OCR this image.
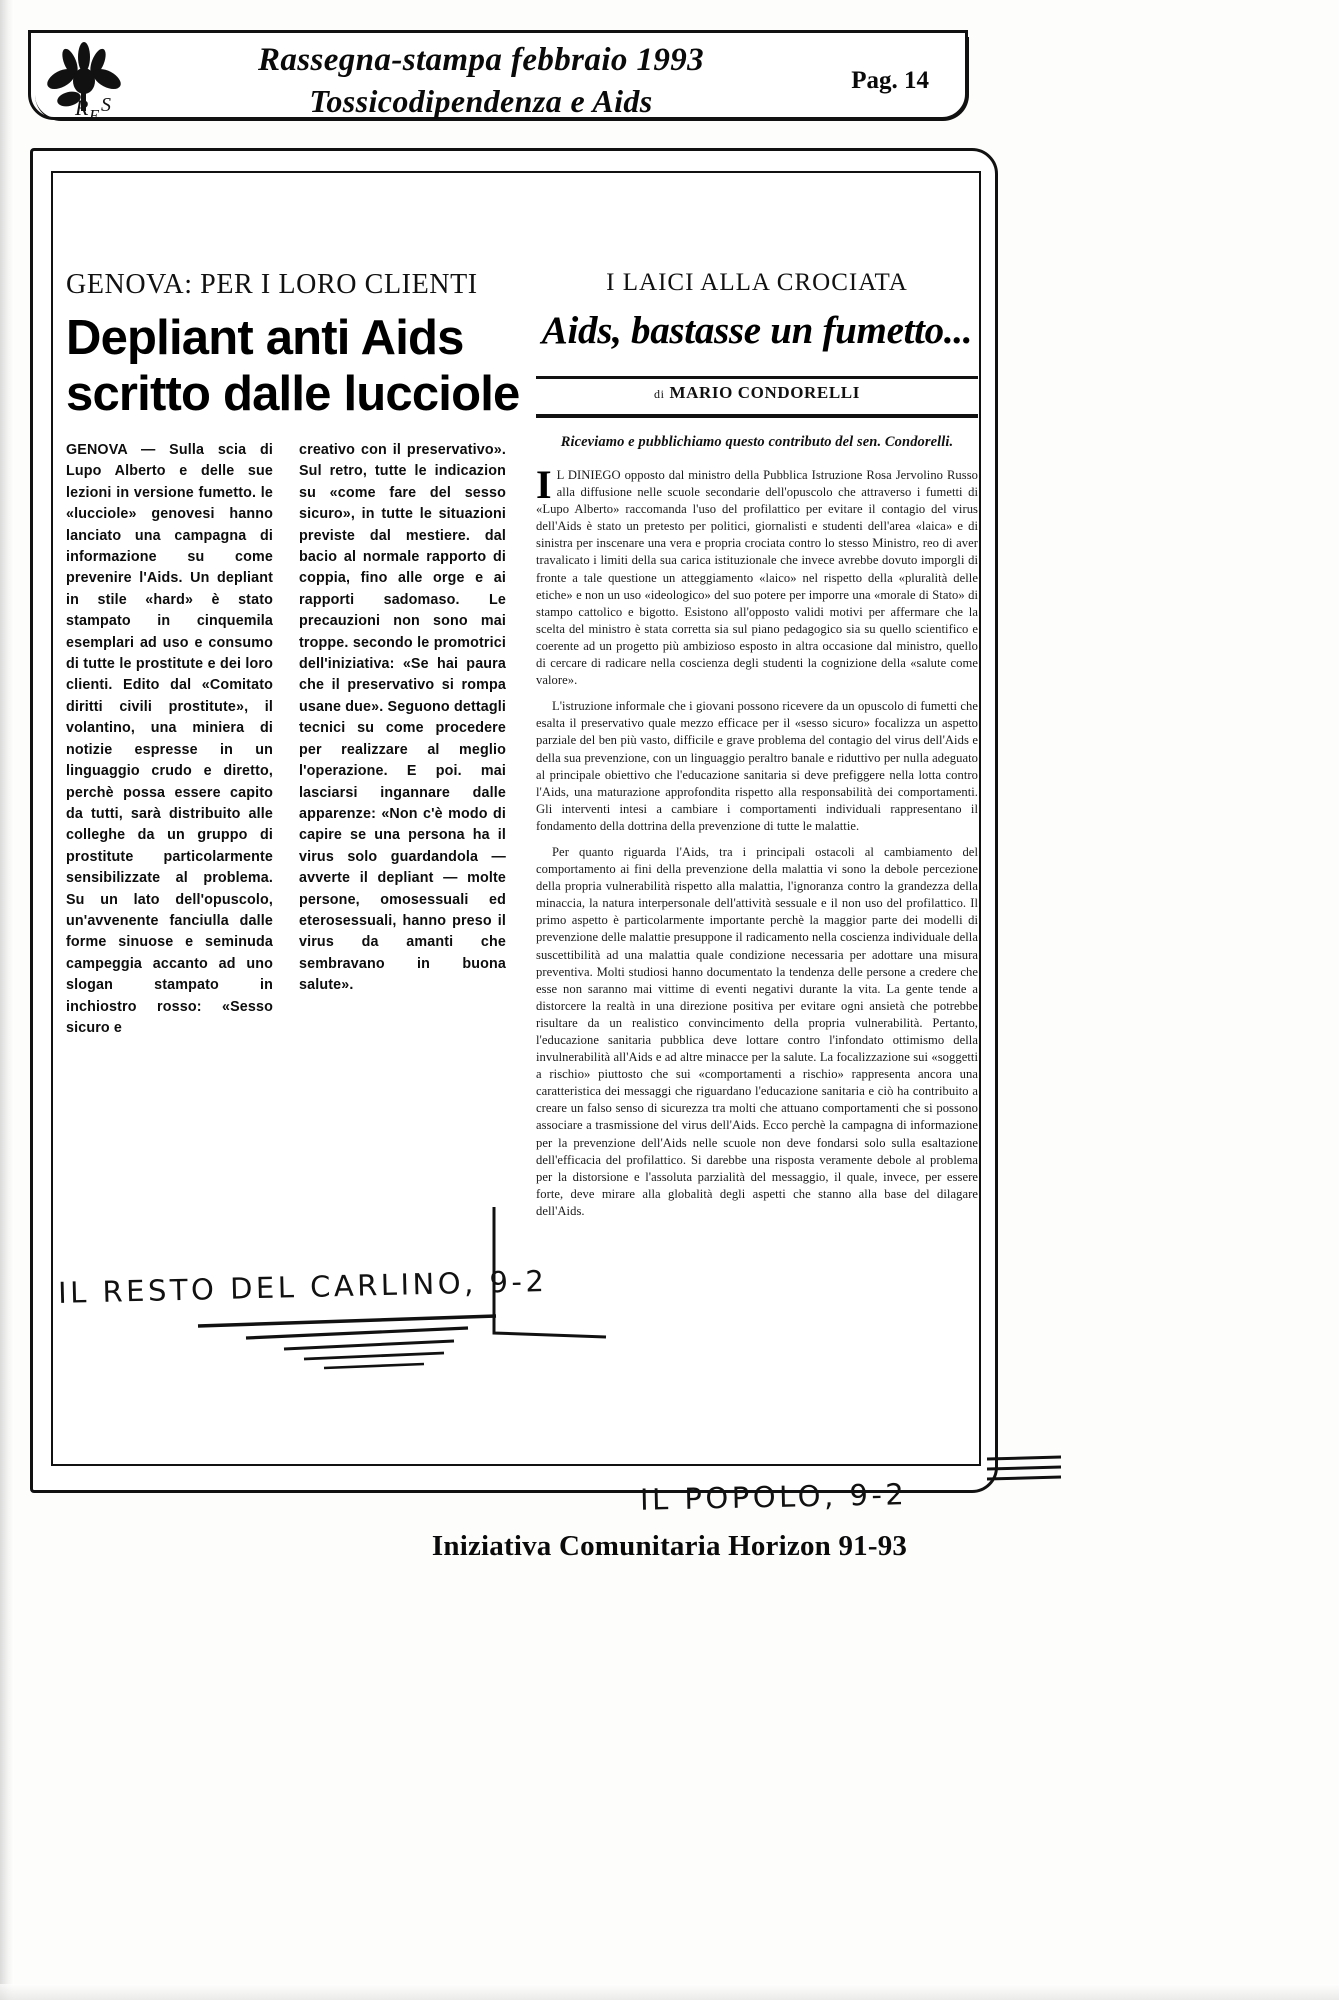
R E S
Rassegna-stampa febbraio 1993
Tossicodipendenza e Aids
Pag. 14
GENOVA: PER I LORO CLIENTI
Depliant anti Aids
scritto dalle lucciole

GENOVA — Sulla scia di Lupo Alberto e delle sue lezioni in versione fumetto. le «lucciole» genovesi hanno lanciato una campagna di informazione su come prevenire l'Aids. Un depliant in stile «hard» è stato stampato in cinquemila esemplari ad uso e consumo di tutte le prostitute e dei loro clienti. Edito dal «Comitato diritti civili prostitute», il volantino, una miniera di notizie espresse in un linguaggio crudo e diretto, perchè possa essere capito da tutti, sarà distribuito alle colleghe da un gruppo di prostitute particolarmente sensibilizzate al problema. Su un lato dell'opuscolo, un'avvenente fanciulla dalle forme sinuose e seminuda campeggia accanto ad uno slogan stampato in inchiostro rosso: «Sesso sicuro e

creativo con il preservativo». Sul retro, tutte le indicazion su «come fare del sesso sicuro», in tutte le situazioni previste dal mestiere. dal bacio al normale rapporto di coppia, fino alle orge e ai rapporti sadomaso. Le precauzioni non sono mai troppe. secondo le promotrici dell'iniziativa: «Se hai paura che il preservativo si rompa usane due». Seguono dettagli tecnici su come procedere per realizzare al meglio l'operazione. E poi. mai lasciarsi ingannare dalle apparenze: «Non c'è modo di capire se una persona ha il virus solo guardandola — avverte il depliant — molte persone, omosessuali ed eterosessuali, hanno preso il virus da amanti che sembravano in buona salute».

I LAICI ALLA CROCIATA
Aids, bastasse un fumetto...
di MARIO CONDORELLI
Riceviamo e pubblichiamo questo contributo del sen. Condorelli.

I L DINIEGO opposto dal ministro della Pubblica Istruzione Rosa Jervolino Russo alla diffusione nelle scuole secondarie dell'opuscolo che attraverso i fumetti di «Lupo Alberto» raccomanda l'uso del profilattico per evitare il contagio del virus dell'Aids è stato un pretesto per politici, giornalisti e studenti dell'area «laica» e di sinistra per inscenare una vera e propria crociata contro lo stesso Ministro, reo di aver travalicato i limiti della sua carica istituzionale che invece avrebbe dovuto imporgli di fronte a tale questione un atteggiamento «laico» nel rispetto della «pluralità delle etiche» e non un uso «ideologico» del suo potere per imporre una «morale di Stato» di stampo cattolico e bigotto. Esistono all'opposto validi motivi per affermare che la scelta del ministro è stata corretta sia sul piano pedagogico sia su quello scientifico e coerente ad un progetto più ambizioso esposto in altra occasione dal ministro, quello di cercare di radicare nella coscienza degli studenti la cognizione della «salute come valore».

L'istruzione informale che i giovani possono ricevere da un opuscolo di fumetti che esalta il preservativo quale mezzo efficace per il «sesso sicuro» focalizza un aspetto parziale del ben più vasto, difficile e grave problema del contagio del virus dell'Aids e della sua prevenzione, con un linguaggio peraltro banale e riduttivo per nulla adeguato al principale obiettivo che l'educazione sanitaria si deve prefiggere nella lotta contro l'Aids, una maturazione approfondita rispetto alla responsabilità dei comportamenti. Gli interventi intesi a cambiare i comportamenti individuali rappresentano il fondamento della dottrina della prevenzione di tutte le malattie.

Per quanto riguarda l'Aids, tra i principali ostacoli al cambiamento del comportamento ai fini della prevenzione della malattia vi sono la debole percezione della propria vulnerabilità rispetto alla malattia, l'ignoranza contro la grandezza della minaccia, la natura interpersonale dell'attività sessuale e il non uso del profilattico. Il primo aspetto è particolarmente importante perchè la maggior parte dei modelli di prevenzione delle malattie presuppone il radicamento nella coscienza individuale della suscettibilità ad una malattia quale condizione necessaria per adottare una misura preventiva. Molti studiosi hanno documentato la tendenza delle persone a credere che esse non saranno mai vittime di eventi negativi durante la vita. La gente tende a distorcere la realtà in una direzione positiva per evitare ogni ansietà che potrebbe risultare da un realistico convincimento della propria vulnerabilità. Pertanto, l'educazione sanitaria pubblica deve lottare contro l'infondato ottimismo della invulnerabilità all'Aids e ad altre minacce per la salute. La focalizzazione sui «soggetti a rischio» piuttosto che sui «comportamenti a rischio» rappresenta ancora una caratteristica dei messaggi che riguardano l'educazione sanitaria e ciò ha contribuito a creare un falso senso di sicurezza tra molti che attuano comportamenti che si possono associare a trasmissione del virus dell'Aids. Ecco perchè la campagna di informazione per la prevenzione dell'Aids nelle scuole non deve fondarsi solo sulla esaltazione dell'efficacia del profilattico. Si darebbe una risposta veramente debole al problema per la distorsione e l'assoluta parzialità del messaggio, il quale, invece, per essere forte, deve mirare alla globalità degli aspetti che stanno alla base del dilagare dell'Aids.

IL RESTO DEL CARLINO, 9-2
IL POPOLO, 9-2
Iniziativa Comunitaria Horizon 91-93
